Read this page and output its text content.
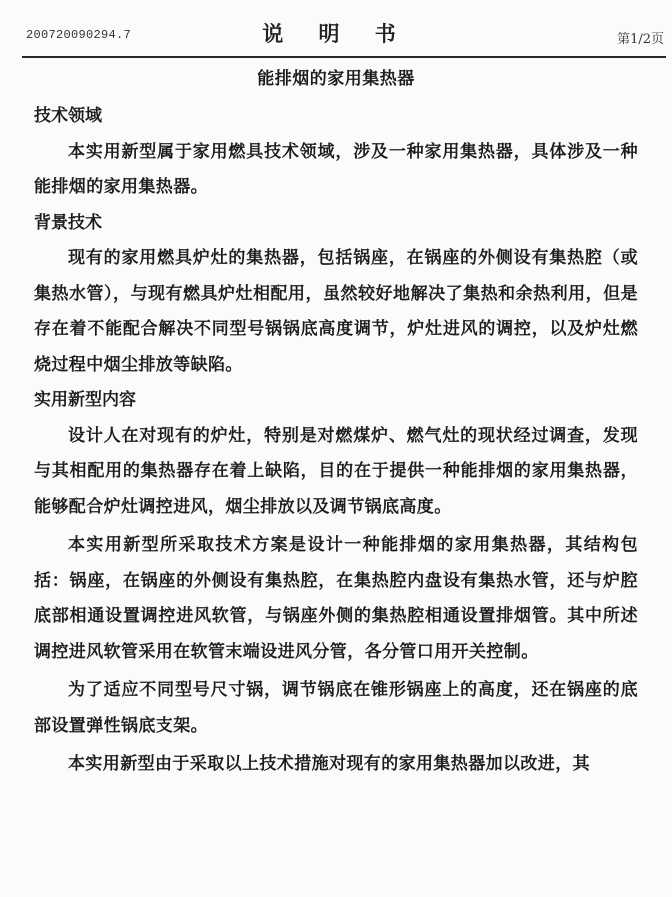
200720090294.7	说 明 书	第1/2页
能排烟的家用集热器
技术领域
本实用新型属于家用燃具技术领域，涉及一种家用集热器，具体涉及一种能排烟的家用集热器。
背景技术
现有的家用燃具炉灶的集热器，包括锅座，在锅座的外侧设有集热腔（或集热水管），与现有燃具炉灶相配用，虽然较好地解决了集热和余热利用，但是存在着不能配合解决不同型号锅锅底高度调节，炉灶进风的调控，以及炉灶燃烧过程中烟尘排放等缺陷。
实用新型内容
设计人在对现有的炉灶，特别是对燃煤炉、燃气灶的现状经过调查，发现与其相配用的集热器存在着上缺陷，目的在于提供一种能排烟的家用集热器，能够配合炉灶调控进风，烟尘排放以及调节锅底高度。
本实用新型所采取技术方案是设计一种能排烟的家用集热器，其结构包括：锅座，在锅座的外侧设有集热腔，在集热腔内盘设有集热水管，还与炉腔底部相通设置调控进风软管，与锅座外侧的集热腔相通设置排烟管。其中所述调控进风软管采用在软管末端设进风分管，各分管口用开关控制。
为了适应不同型号尺寸锅，调节锅底在锥形锅座上的高度，还在锅座的底部设置弹性锅底支架。
本实用新型由于采取以上技术措施对现有的家用集热器加以改进，其
